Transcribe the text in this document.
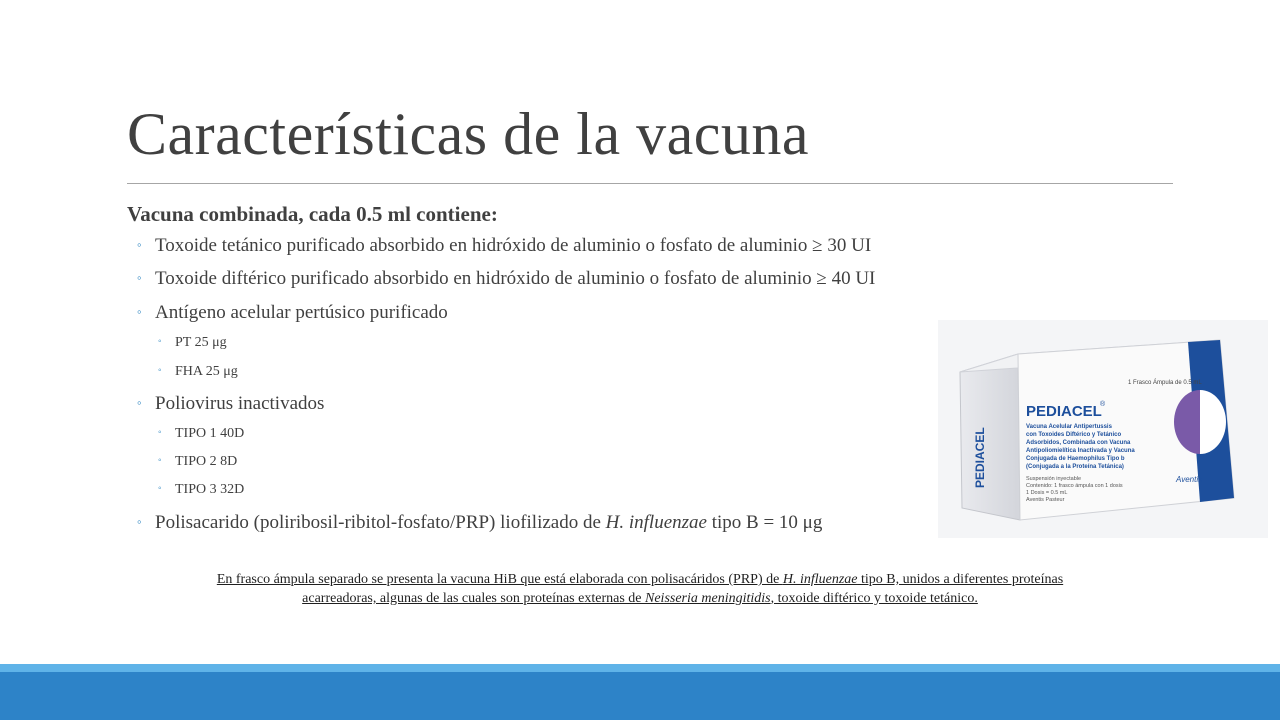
Características de la vacuna
Vacuna combinada, cada 0.5 ml contiene:
◦ Toxoide tetánico purificado absorbido en hidróxido de aluminio o fosfato de aluminio ≥ 30 UI
◦ Toxoide diftérico purificado absorbido en hidróxido de aluminio o fosfato de aluminio ≥ 40 UI
◦ Antígeno acelular pertúsico purificado
◦ PT 25 μg
◦ FHA 25 μg
◦ Poliovirus inactivados
◦ TIPO 1 40D
◦ TIPO 2 8D
◦ TIPO 3 32D
◦ Polisacarido (poliribosil-ribitol-fosfato/PRP) liofilizado de H. influenzae tipo B = 10 μg
PEDIACEL
®
1 Frasco Ámpula de 0.5 mL
Vacuna Acelular Antipertussis
con Toxoides Diftérico y Tetánico
Adsorbidos, Combinada con Vacuna
Antipoliomielítica Inactivada y Vacuna
Conjugada de Haemophilus Tipo b
(Conjugada a la Proteína Tetánica)
Suspensión inyectable
Contenido: 1 frasco ámpula con 1 dosis
1 Dosis = 0.5 mL
Aventis Pasteur
Aventis
PEDIACEL
En frasco ámpula separado se presenta la vacuna HiB que está elaborada con polisacáridos (PRP) de H. influenzae tipo B, unidos a diferentes proteínas acarreadoras, algunas de las cuales son proteínas externas de Neisseria meningitidis, toxoide diftérico y toxoide tetánico.
